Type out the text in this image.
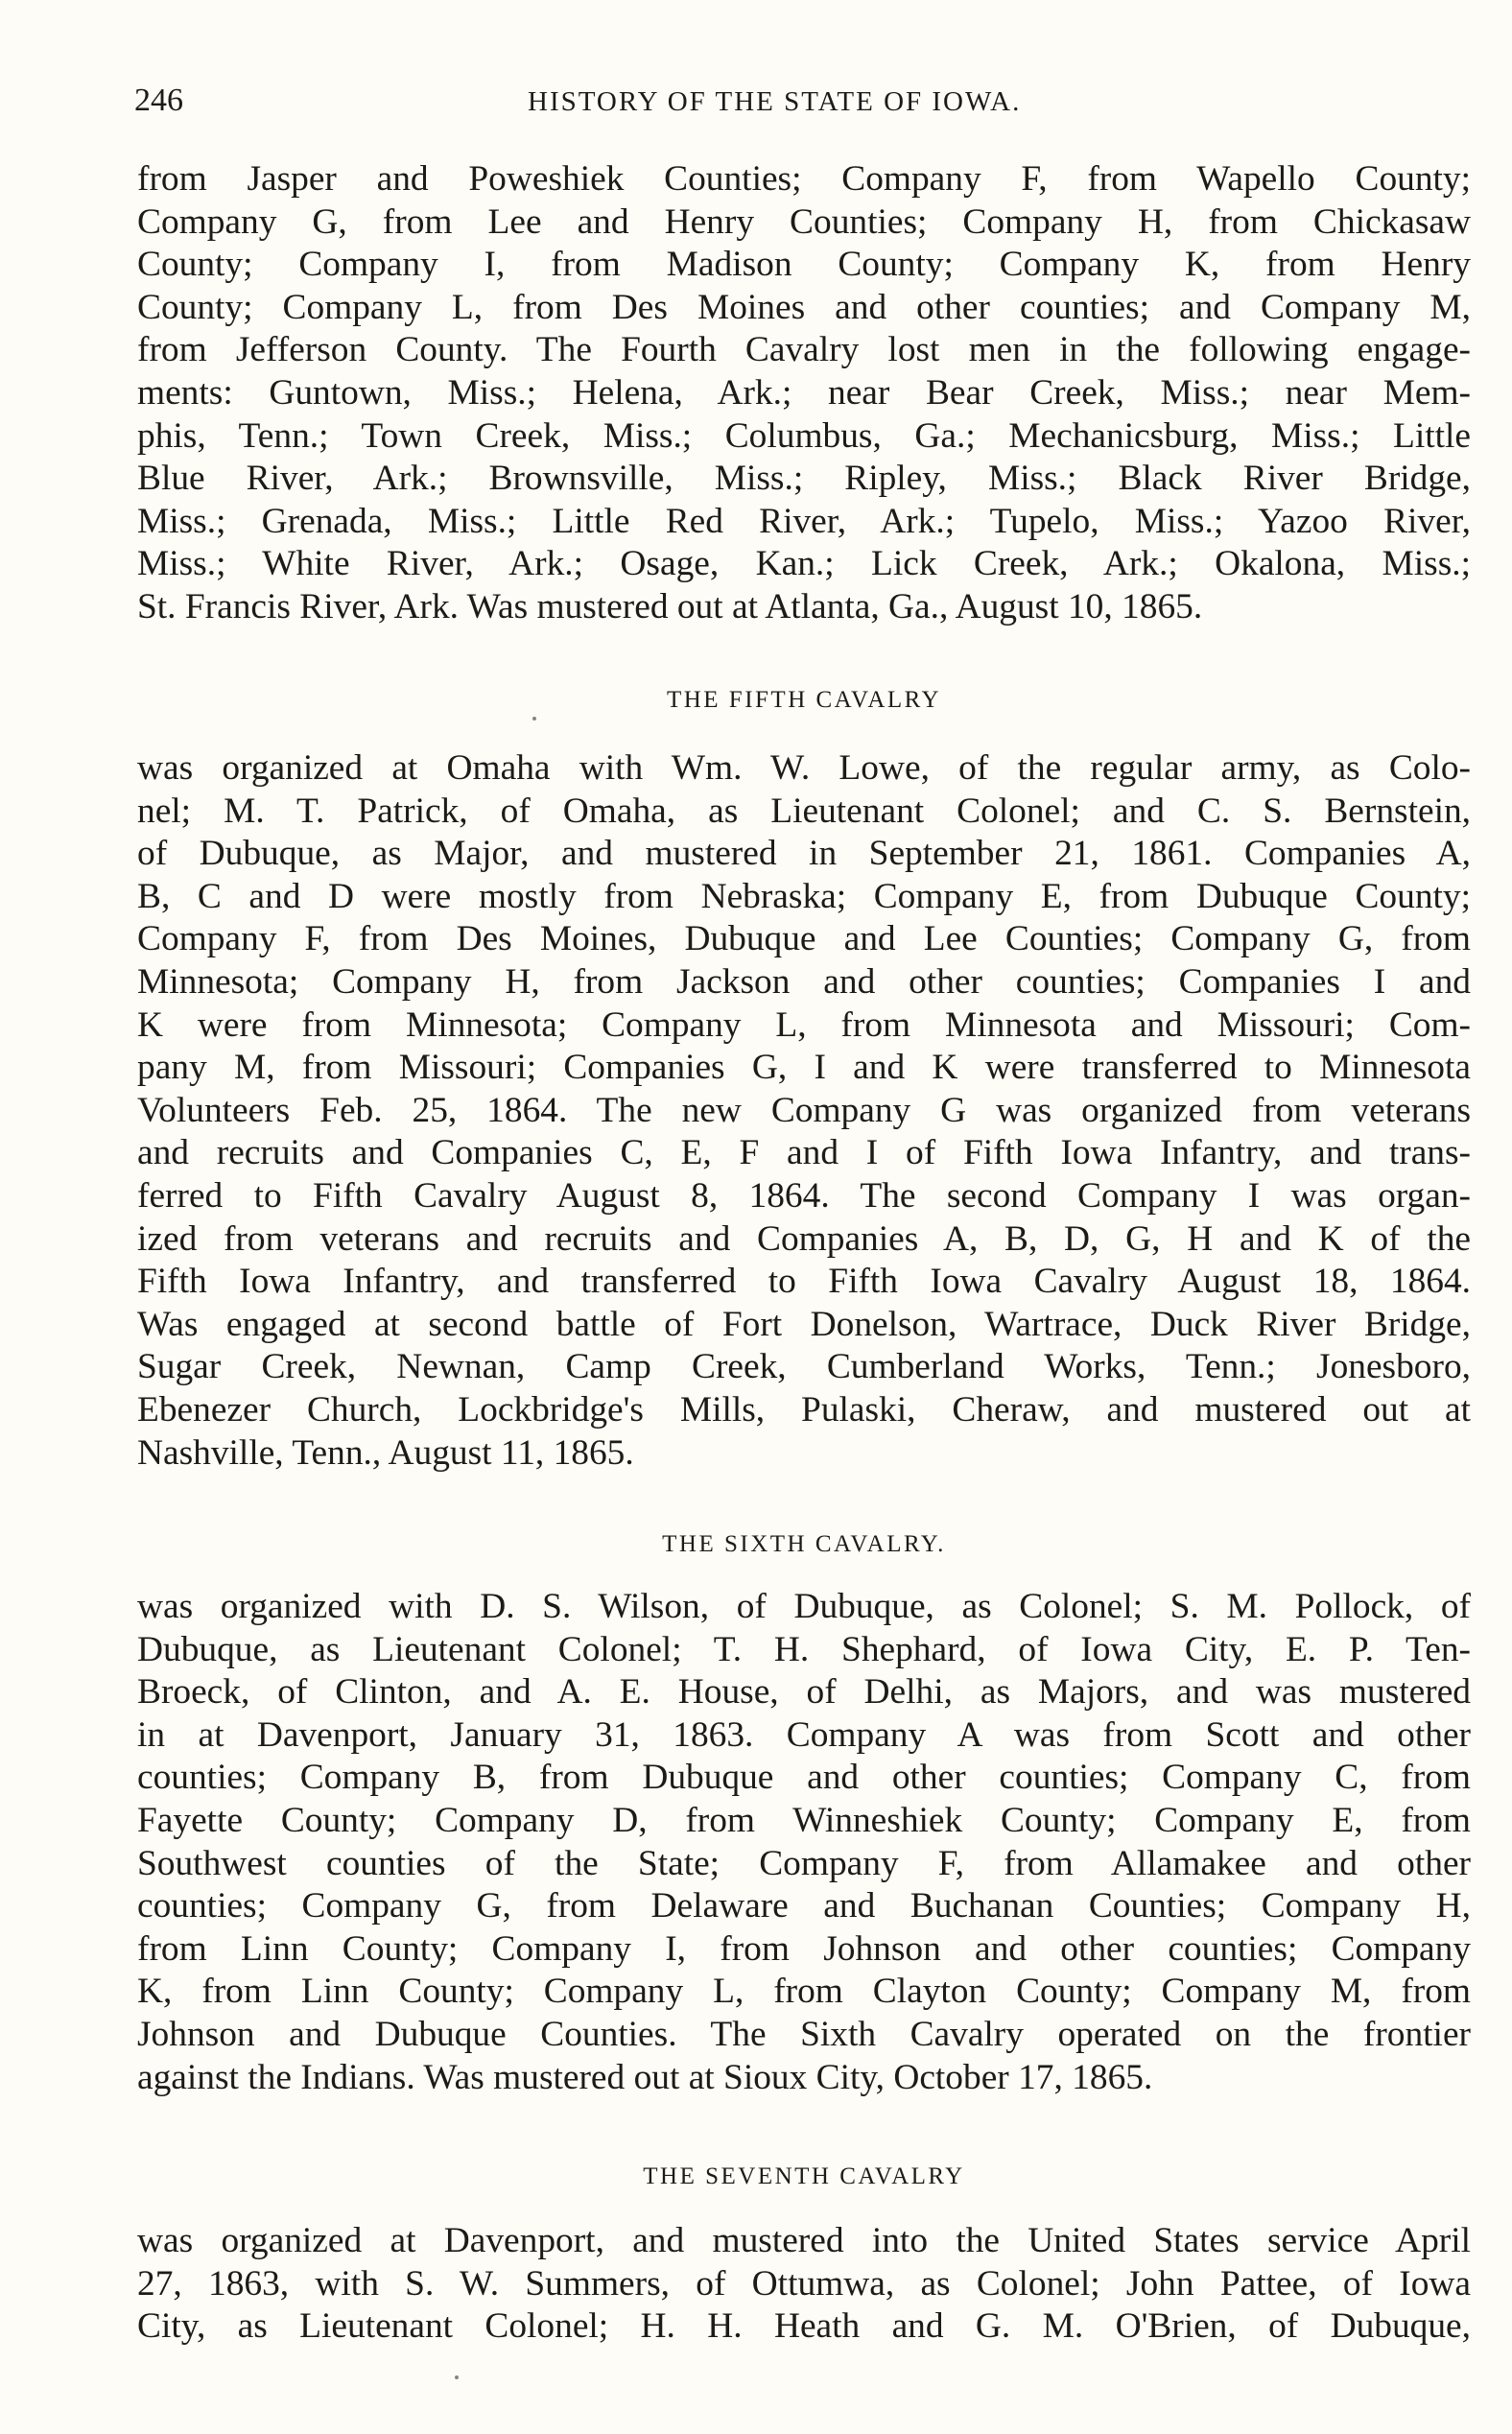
246	HISTORY OF THE STATE OF IOWA.
from Jasper and Poweshiek Counties; Company F, from Wapello County;
Company G, from Lee and Henry Counties; Company H, from Chickasaw
County; Company I, from Madison County; Company K, from Henry
County; Company L, from Des Moines and other counties; and Company M,
from Jefferson County. The Fourth Cavalry lost men in the following engage-
ments: Guntown, Miss.; Helena, Ark.; near Bear Creek, Miss.; near Mem-
phis, Tenn.; Town Creek, Miss.; Columbus, Ga.; Mechanicsburg, Miss.; Little
Blue River, Ark.; Brownsville, Miss.; Ripley, Miss.; Black River Bridge,
Miss.; Grenada, Miss.; Little Red River, Ark.; Tupelo, Miss.; Yazoo River,
Miss.; White River, Ark.; Osage, Kan.; Lick Creek, Ark.; Okalona, Miss.;
St. Francis River, Ark. Was mustered out at Atlanta, Ga., August 10, 1865.
THE FIFTH CAVALRY
was organized at Omaha with Wm. W. Lowe, of the regular army, as Colo-
nel; M. T. Patrick, of Omaha, as Lieutenant Colonel; and C. S. Bernstein,
of Dubuque, as Major, and mustered in September 21, 1861. Companies A,
B, C and D were mostly from Nebraska; Company E, from Dubuque County;
Company F, from Des Moines, Dubuque and Lee Counties; Company G, from
Minnesota; Company H, from Jackson and other counties; Companies I and
K were from Minnesota; Company L, from Minnesota and Missouri; Com-
pany M, from Missouri; Companies G, I and K were transferred to Minnesota
Volunteers Feb. 25, 1864. The new Company G was organized from veterans
and recruits and Companies C, E, F and I of Fifth Iowa Infantry, and trans-
ferred to Fifth Cavalry August 8, 1864. The second Company I was organ-
ized from veterans and recruits and Companies A, B, D, G, H and K of the
Fifth Iowa Infantry, and transferred to Fifth Iowa Cavalry August 18, 1864.
Was engaged at second battle of Fort Donelson, Wartrace, Duck River Bridge,
Sugar Creek, Newnan, Camp Creek, Cumberland Works, Tenn.; Jonesboro,
Ebenezer Church, Lockbridge's Mills, Pulaski, Cheraw, and mustered out at
Nashville, Tenn., August 11, 1865.
THE SIXTH CAVALRY.
was organized with D. S. Wilson, of Dubuque, as Colonel; S. M. Pollock, of
Dubuque, as Lieutenant Colonel; T. H. Shephard, of Iowa City, E. P. Ten-
Broeck, of Clinton, and A. E. House, of Delhi, as Majors, and was mustered
in at Davenport, January 31, 1863. Company A was from Scott and other
counties; Company B, from Dubuque and other counties; Company C, from
Fayette County; Company D, from Winneshiek County; Company E, from
Southwest counties of the State; Company F, from Allamakee and other
counties; Company G, from Delaware and Buchanan Counties; Company H,
from Linn County; Company I, from Johnson and other counties; Company
K, from Linn County; Company L, from Clayton County; Company M, from
Johnson and Dubuque Counties. The Sixth Cavalry operated on the frontier
against the Indians. Was mustered out at Sioux City, October 17, 1865.
THE SEVENTH CAVALRY
was organized at Davenport, and mustered into the United States service April
27, 1863, with S. W. Summers, of Ottumwa, as Colonel; John Pattee, of Iowa
City, as Lieutenant Colonel; H. H. Heath and G. M. O'Brien, of Dubuque,
